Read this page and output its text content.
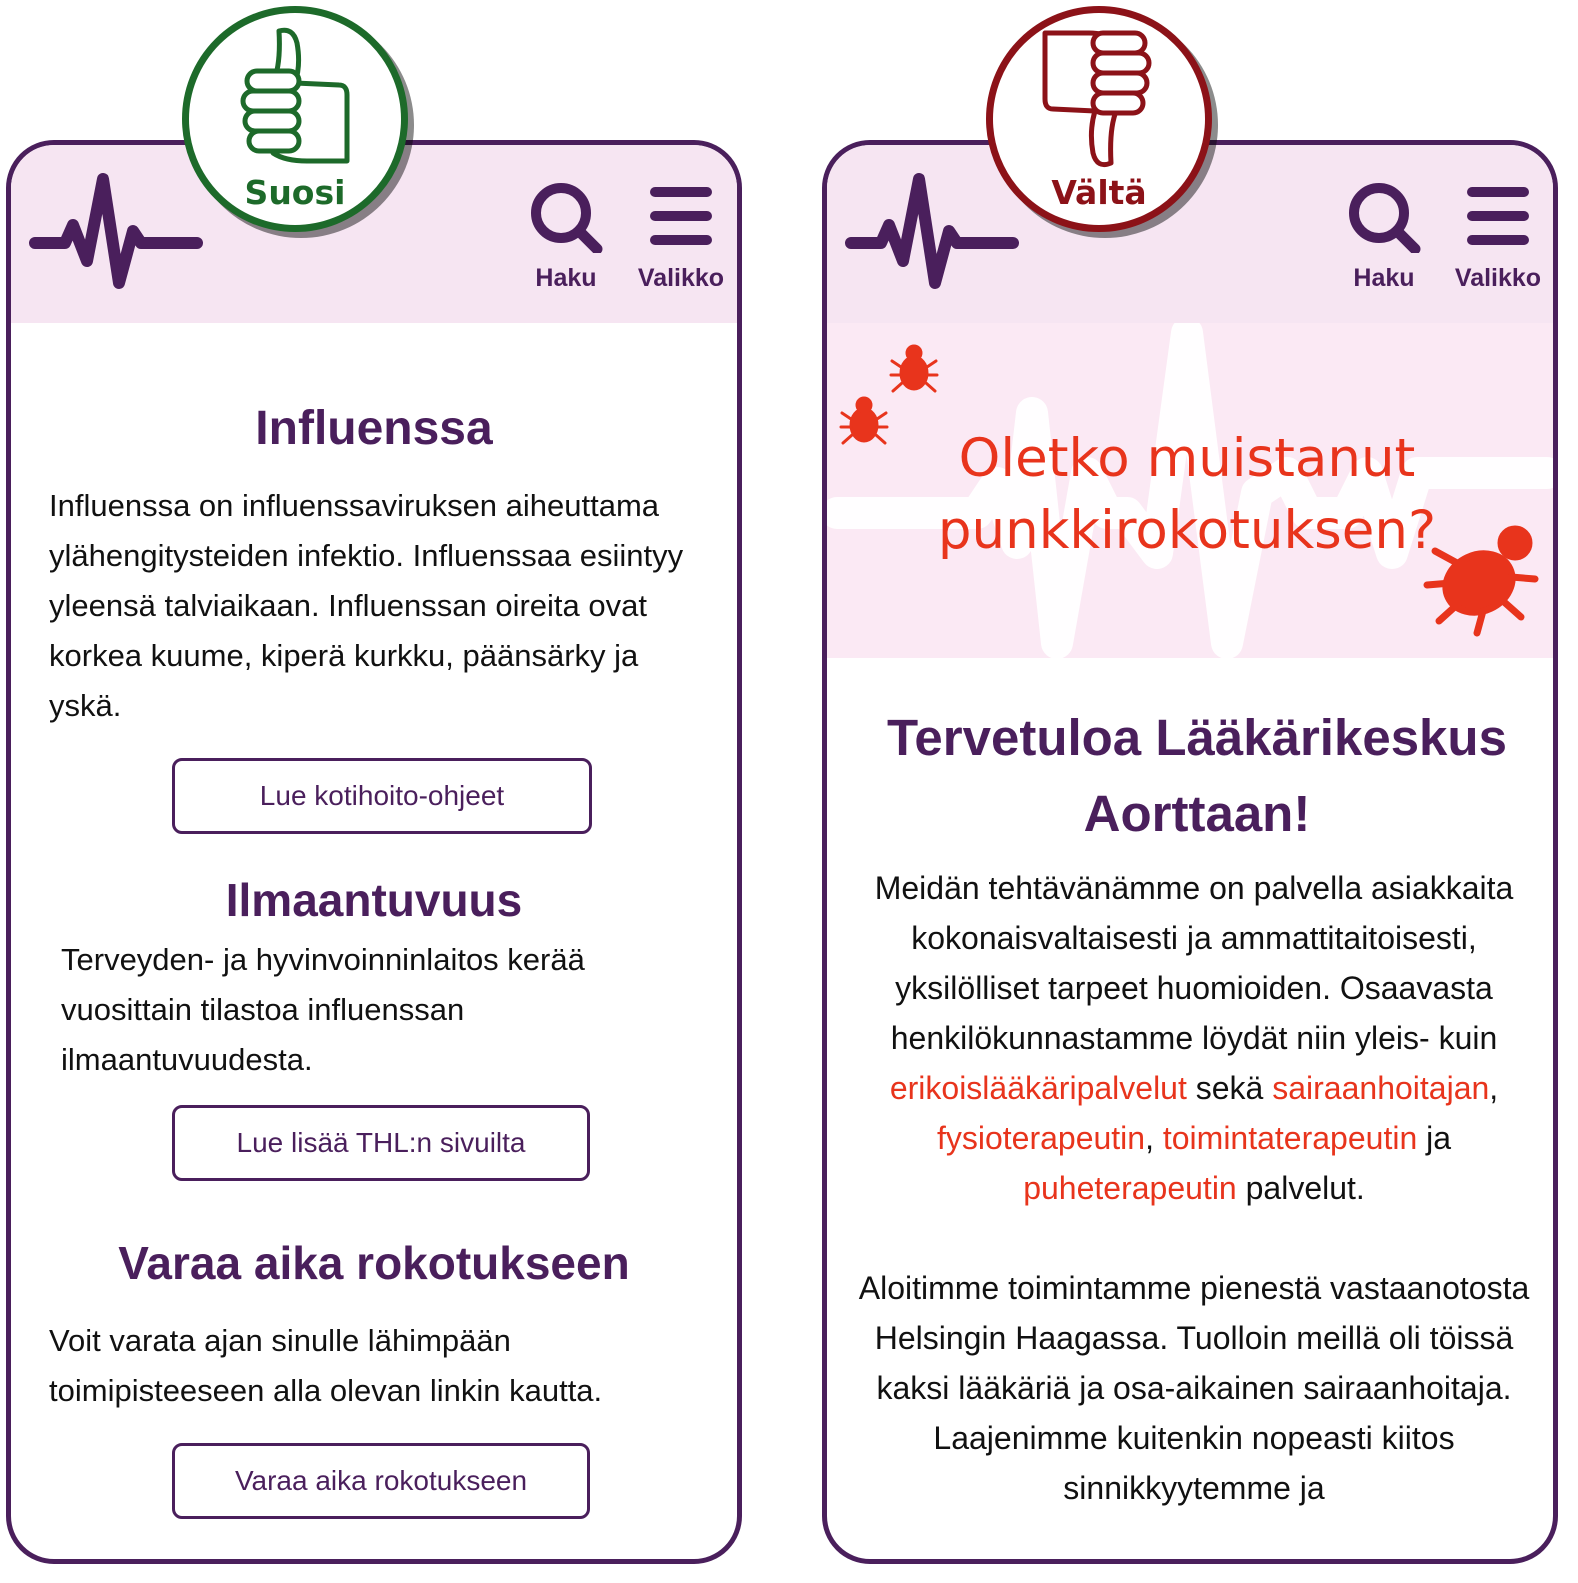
Suosi	Vältä
Haku	Valikko
Influenssa

Influenssa on influenssaviruksen aiheuttama ylähengitysteiden infektio. Influenssaa esiintyy yleensä talviaikaan. Influenssan oireita ovat korkea kuume, kiperä kurkku, päänsärky ja yskä.

Lue kotihoito-ohjeet
Ilmaantuvuus

Terveyden- ja hyvinvoinninlaitos kerää vuosittain tilastoa influenssan ilmaantuvuudesta.

Lue lisää THL:n sivuilta
Varaa aika rokotukseen

Voit varata ajan sinulle lähimpään toimipisteeseen alla olevan linkin kautta.

Varaa aika rokotukseen
Haku	Valikko
Oletko muistanut
punkkirokotuksen?
Tervetuloa Lääkärikeskus Aorttaan!
Meidän tehtävänämme on palvella asiakkaita kokonaisvaltaisesti ja ammattitaitoisesti, yksilölliset tarpeet huomioiden. Osaavasta henkilökunnastamme löydät niin yleis- kuin erikoislääkäripalvelut sekä sairaanhoitajan, fysioterapeutin, toimintaterapeutin ja puheterapeutin palvelut.

Aloitimme toimintamme pienestä vastaanotosta Helsingin Haagassa. Tuolloin meillä oli töissä kaksi lääkäriä ja osa-aikainen sairaanhoitaja. Laajenimme kuitenkin nopeasti kiitos sinnikkyytemme ja
